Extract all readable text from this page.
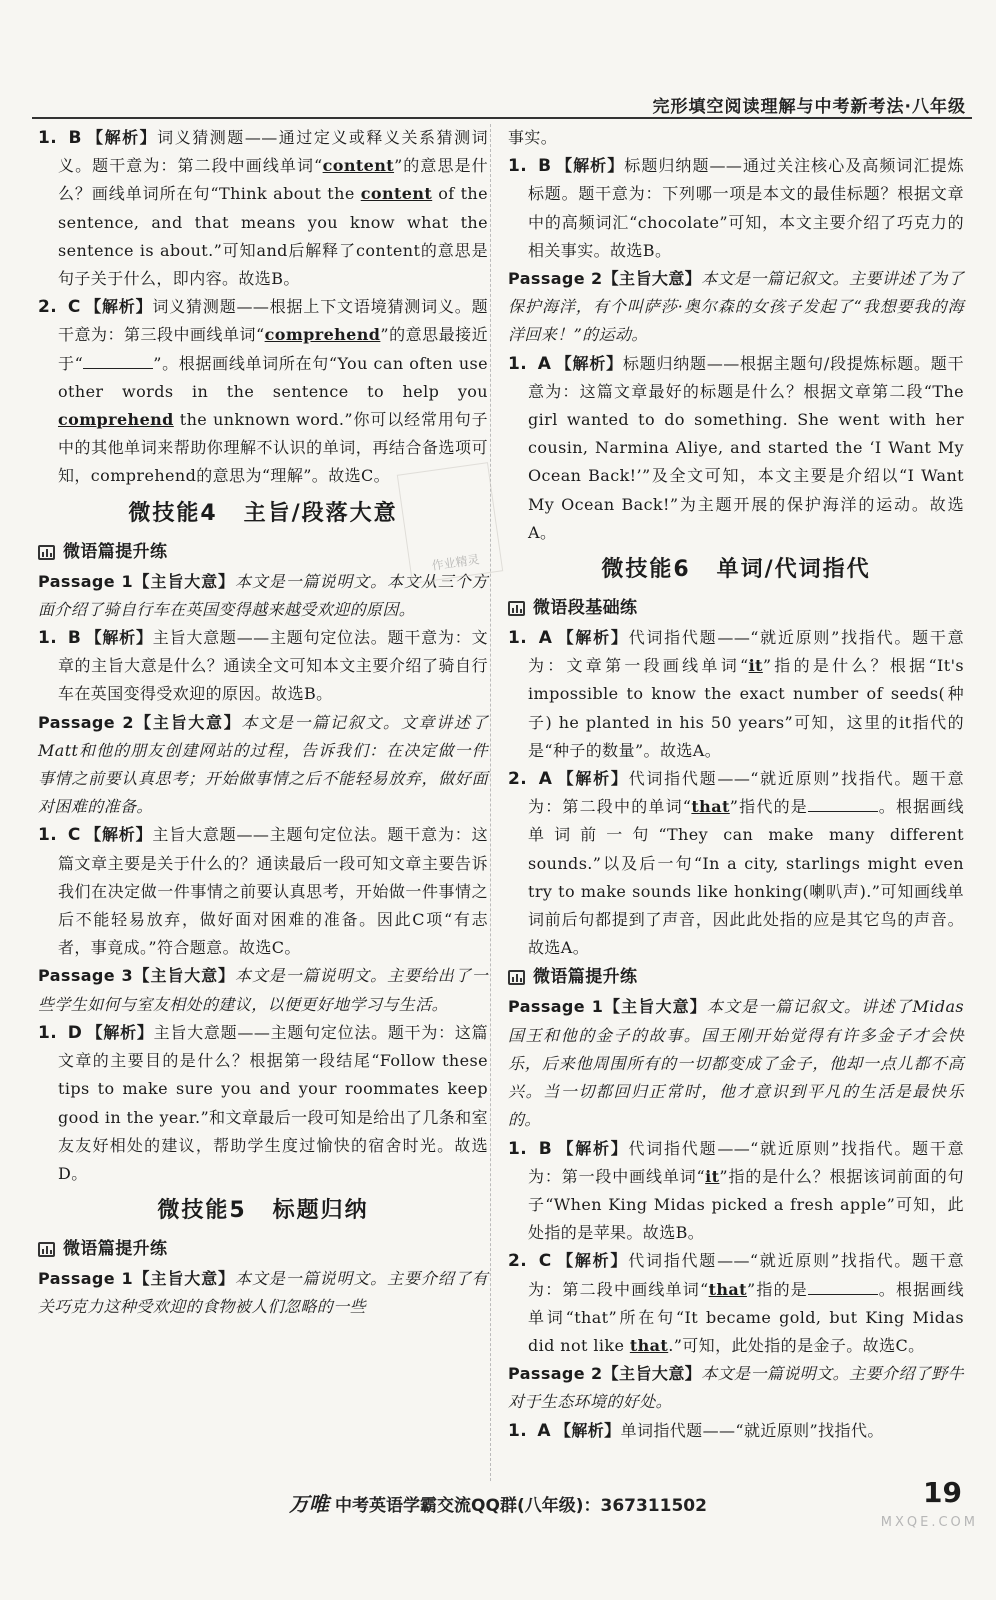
完形填空阅读理解与中考新考法·八年级

1. B 【解析】词义猜测题——通过定义或释义关系猜测词义。题干意为：第二段中画线单词“content”的意思是什么？画线单词所在句“Think about the content of the sentence, and that means you know what the sentence is about.”可知and后解释了content的意思是句子关于什么，即内容。故选B。

2. C 【解析】词义猜测题——根据上下文语境猜测词义。题干意为：第三段中画线单词“comprehend”的意思最接近于“	”。根据画线单词所在句“You can often use other words in the sentence to help you comprehend the unknown word.”你可以经常用句子中的其他单词来帮助你理解不认识的单词，再结合备选项可知，comprehend的意思为“理解”。故选C。

微技能4 主旨/段落大意
微语篇提升练

Passage 1【主旨大意】本文是一篇说明文。本文从三个方面介绍了骑自行车在英国变得越来越受欢迎的原因。

1. B 【解析】主旨大意题——主题句定位法。题干意为：文章的主旨大意是什么？通读全文可知本文主要介绍了骑自行车在英国变得受欢迎的原因。故选B。

Passage 2【主旨大意】本文是一篇记叙文。文章讲述了Matt和他的朋友创建网站的过程，告诉我们：在决定做一件事情之前要认真思考；开始做事情之后不能轻易放弃，做好面对困难的准备。

1. C 【解析】主旨大意题——主题句定位法。题干意为：这篇文章主要是关于什么的？通读最后一段可知文章主要告诉我们在决定做一件事情之前要认真思考，开始做一件事情之后不能轻易放弃，做好面对困难的准备。因此C项“有志者，事竟成。”符合题意。故选C。

Passage 3【主旨大意】本文是一篇说明文。主要给出了一些学生如何与室友相处的建议，以便更好地学习与生活。

1. D 【解析】主旨大意题——主题句定位法。题干为：这篇文章的主要目的是什么？根据第一段结尾“Follow these tips to make sure you and your roommates keep good in the year.”和文章最后一段可知是给出了几条和室友友好相处的建议，帮助学生度过愉快的宿舍时光。故选D。

微技能5 标题归纳
微语篇提升练

Passage 1【主旨大意】本文是一篇说明文。主要介绍了有关巧克力这种受欢迎的食物被人们忽略的一些

事实。

1. B 【解析】标题归纳题——通过关注核心及高频词汇提炼标题。题干意为：下列哪一项是本文的最佳标题？根据文章中的高频词汇“chocolate”可知，本文主要介绍了巧克力的相关事实。故选B。

Passage 2【主旨大意】本文是一篇记叙文。主要讲述了为了保护海洋，有个叫萨莎·奥尔森的女孩子发起了“我想要我的海洋回来！”的运动。

1. A 【解析】标题归纳题——根据主题句/段提炼标题。题干意为：这篇文章最好的标题是什么？根据文章第二段“The girl wanted to do something. She went with her cousin, Narmina Aliye, and started the ‘I Want My Ocean Back!’”及全文可知，本文主要是介绍以“I Want My Ocean Back!”为主题开展的保护海洋的运动。故选A。

微技能6 单词/代词指代
微语段基础练

1. A 【解析】代词指代题——“就近原则”找指代。题干意为：文章第一段画线单词“it”指的是什么？根据“It's impossible to know the exact number of seeds(种子) he planted in his 50 years”可知，这里的it指代的是“种子的数量”。故选A。

2. A 【解析】代词指代题——“就近原则”找指代。题干意为：第二段中的单词“that”指代的是	。根据画线单词前一句“They can make many different sounds.”以及后一句“In a city, starlings might even try to make sounds like honking(喇叭声).”可知画线单词前后句都提到了声音，因此此处指的应是其它鸟的声音。故选A。

微语篇提升练

Passage 1【主旨大意】本文是一篇记叙文。讲述了Midas国王和他的金子的故事。国王刚开始觉得有许多金子才会快乐，后来他周围所有的一切都变成了金子，他却一点儿都不高兴。当一切都回归正常时，他才意识到平凡的生活是最快乐的。

1. B 【解析】代词指代题——“就近原则”找指代。题干意为：第一段中画线单词“it”指的是什么？根据该词前面的句子“When King Midas picked a fresh apple”可知，此处指的是苹果。故选B。

2. C 【解析】代词指代题——“就近原则”找指代。题干意为：第二段中画线单词“that”指的是	。根据画线单词“that”所在句“It became gold, but King Midas did not like that.”可知，此处指的是金子。故选C。

Passage 2【主旨大意】本文是一篇说明文。主要介绍了野牛对于生态环境的好处。

1. A 【解析】单词指代题——“就近原则”找指代。

作业精灵
万唯 中考英语学霸交流QQ群(八年级)：367311502	19
MXQE.COM
